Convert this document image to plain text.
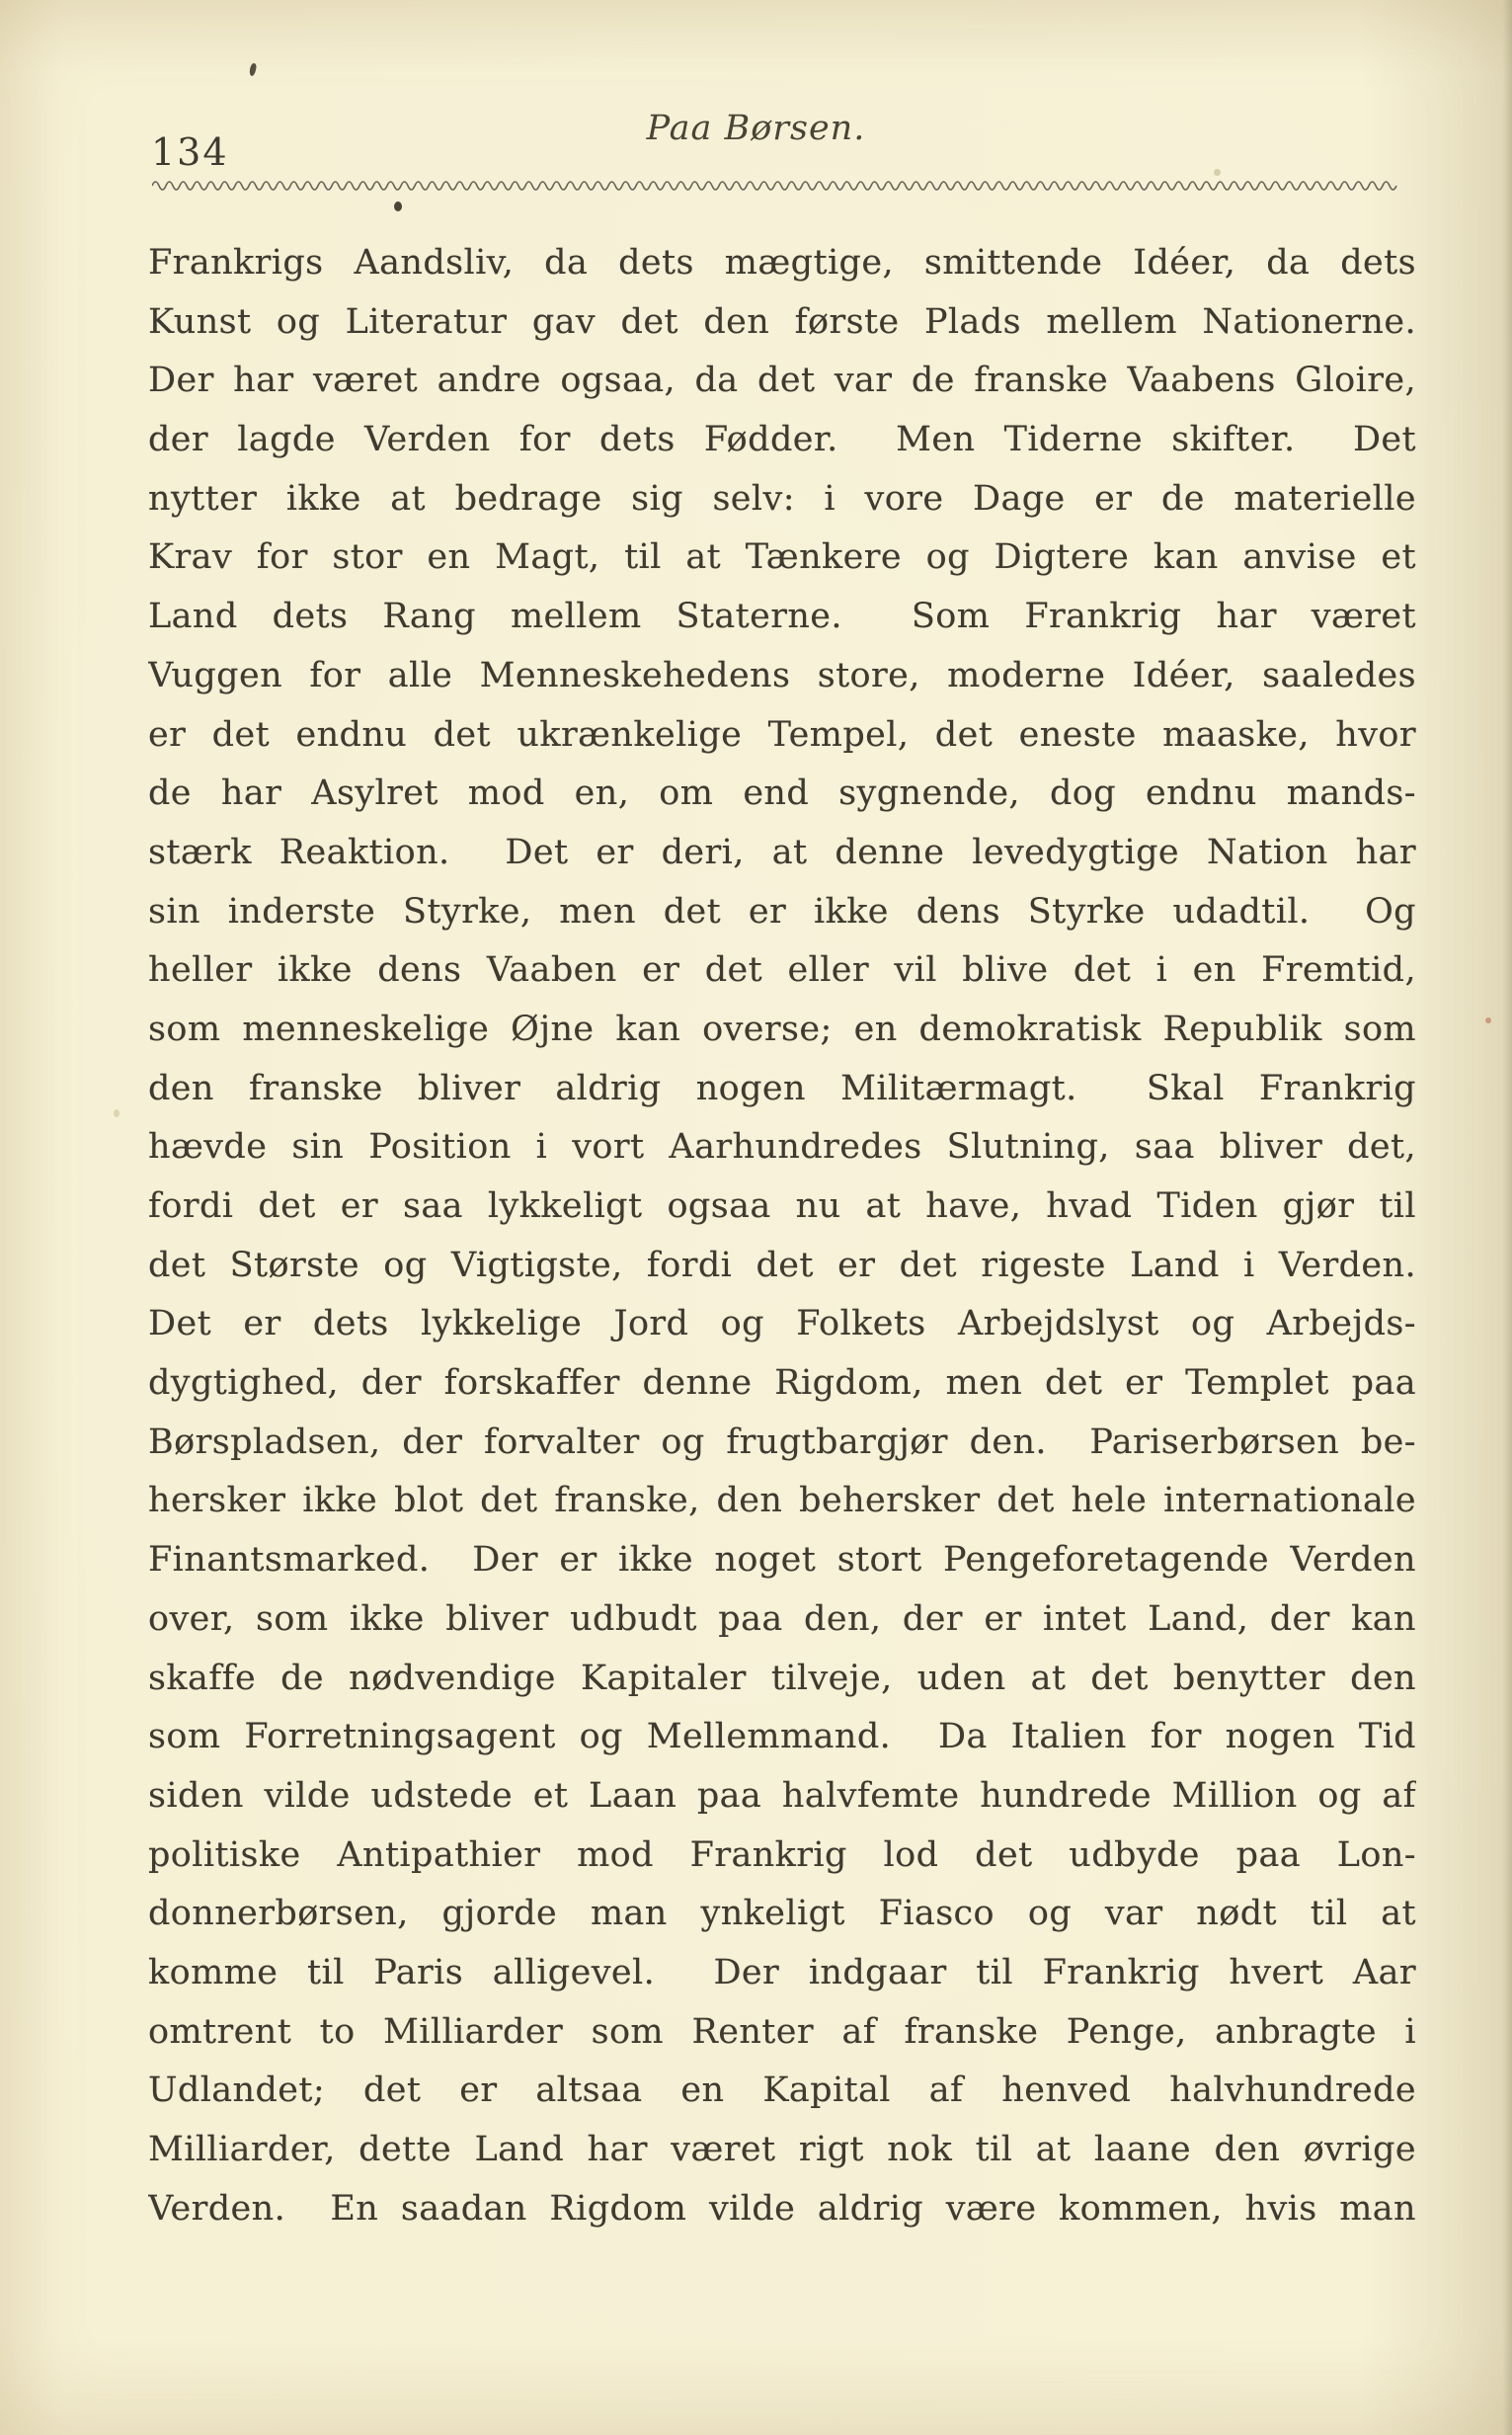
134
Paa Børsen.
Frankrigs Aandsliv, da dets mægtige, smittende Idéer, da dets
Kunst og Literatur gav det den første Plads mellem Nationerne.
Der har været andre ogsaa, da det var de franske Vaabens Gloire,
der lagde Verden for dets Fødder.  Men Tiderne skifter.  Det
nytter ikke at bedrage sig selv: i vore Dage er de materielle
Krav for stor en Magt, til at Tænkere og Digtere kan anvise et
Land dets Rang mellem Staterne.  Som Frankrig har været
Vuggen for alle Menneskehedens store, moderne Idéer, saaledes
er det endnu det ukrænkelige Tempel, det eneste maaske, hvor
de har Asylret mod en, om end sygnende, dog endnu mands-
stærk Reaktion.  Det er deri, at denne levedygtige Nation har
sin inderste Styrke, men det er ikke dens Styrke udadtil.  Og
heller ikke dens Vaaben er det eller vil blive det i en Fremtid,
som menneskelige Øjne kan overse; en demokratisk Republik som
den franske bliver aldrig nogen Militærmagt.  Skal Frankrig
hævde sin Position i vort Aarhundredes Slutning, saa bliver det,
fordi det er saa lykkeligt ogsaa nu at have, hvad Tiden gjør til
det Største og Vigtigste, fordi det er det rigeste Land i Verden.
Det er dets lykkelige Jord og Folkets Arbejdslyst og Arbejds-
dygtighed, der forskaffer denne Rigdom, men det er Templet paa
Børspladsen, der forvalter og frugtbargjør den.  Pariserbørsen be-
hersker ikke blot det franske, den behersker det hele internationale
Finantsmarked.  Der er ikke noget stort Pengeforetagende Verden
over, som ikke bliver udbudt paa den, der er intet Land, der kan
skaffe de nødvendige Kapitaler tilveje, uden at det benytter den
som Forretningsagent og Mellemmand.  Da Italien for nogen Tid
siden vilde udstede et Laan paa halvfemte hundrede Million og af
politiske Antipathier mod Frankrig lod det udbyde paa Lon-
donnerbørsen, gjorde man ynkeligt Fiasco og var nødt til at
komme til Paris alligevel.  Der indgaar til Frankrig hvert Aar
omtrent to Milliarder som Renter af franske Penge, anbragte i
Udlandet; det er altsaa en Kapital af henved halvhundrede
Milliarder, dette Land har været rigt nok til at laane den øvrige
Verden.  En saadan Rigdom vilde aldrig være kommen, hvis man
